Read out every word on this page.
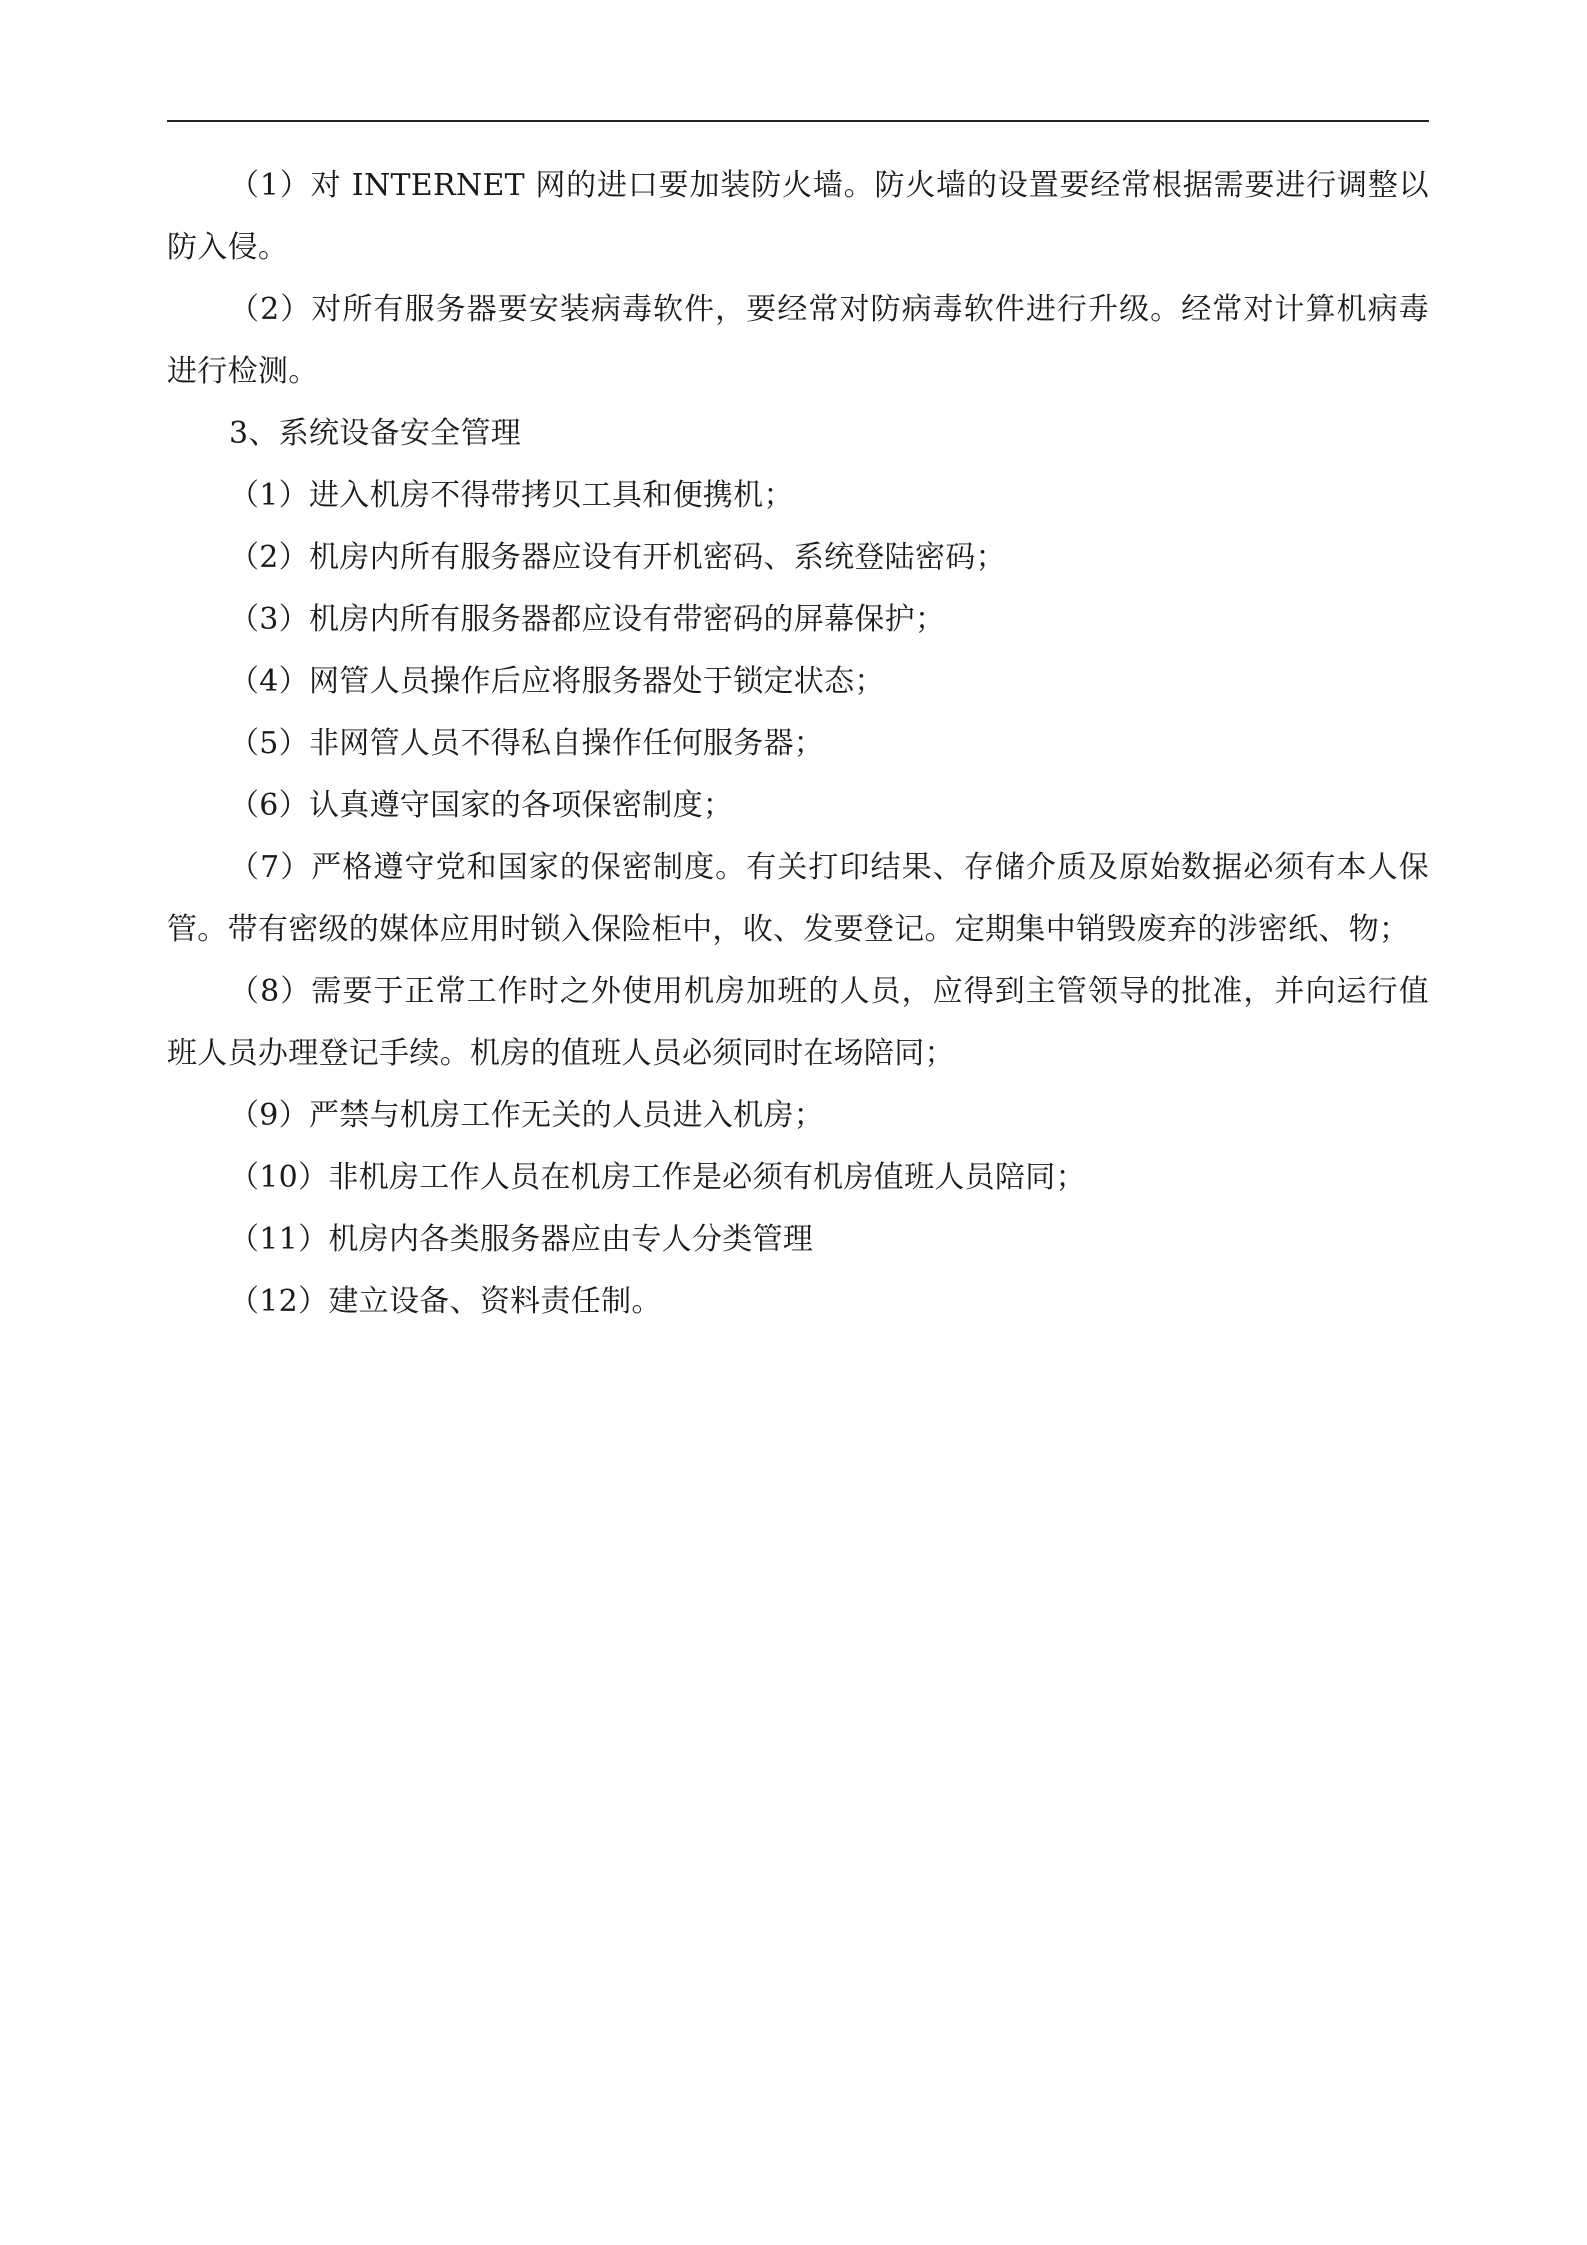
（1）对 INTERNET 网的进口要加装防火墙。防火墙的设置要经常根据需要进行调整以防入侵。

（2）对所有服务器要安装病毒软件，要经常对防病毒软件进行升级。经常对计算机病毒进行检测。

3、系统设备安全管理

（1）进入机房不得带拷贝工具和便携机；

（2）机房内所有服务器应设有开机密码、系统登陆密码；

（3）机房内所有服务器都应设有带密码的屏幕保护；

（4）网管人员操作后应将服务器处于锁定状态；

（5）非网管人员不得私自操作任何服务器；

（6）认真遵守国家的各项保密制度；

（7）严格遵守党和国家的保密制度。有关打印结果、存储介质及原始数据必须有本人保管。带有密级的媒体应用时锁入保险柜中，收、发要登记。定期集中销毁废弃的涉密纸、物；

（8）需要于正常工作时之外使用机房加班的人员，应得到主管领导的批准，并向运行值班人员办理登记手续。机房的值班人员必须同时在场陪同；

（9）严禁与机房工作无关的人员进入机房；

（10）非机房工作人员在机房工作是必须有机房值班人员陪同；

（11）机房内各类服务器应由专人分类管理

（12）建立设备、资料责任制。
